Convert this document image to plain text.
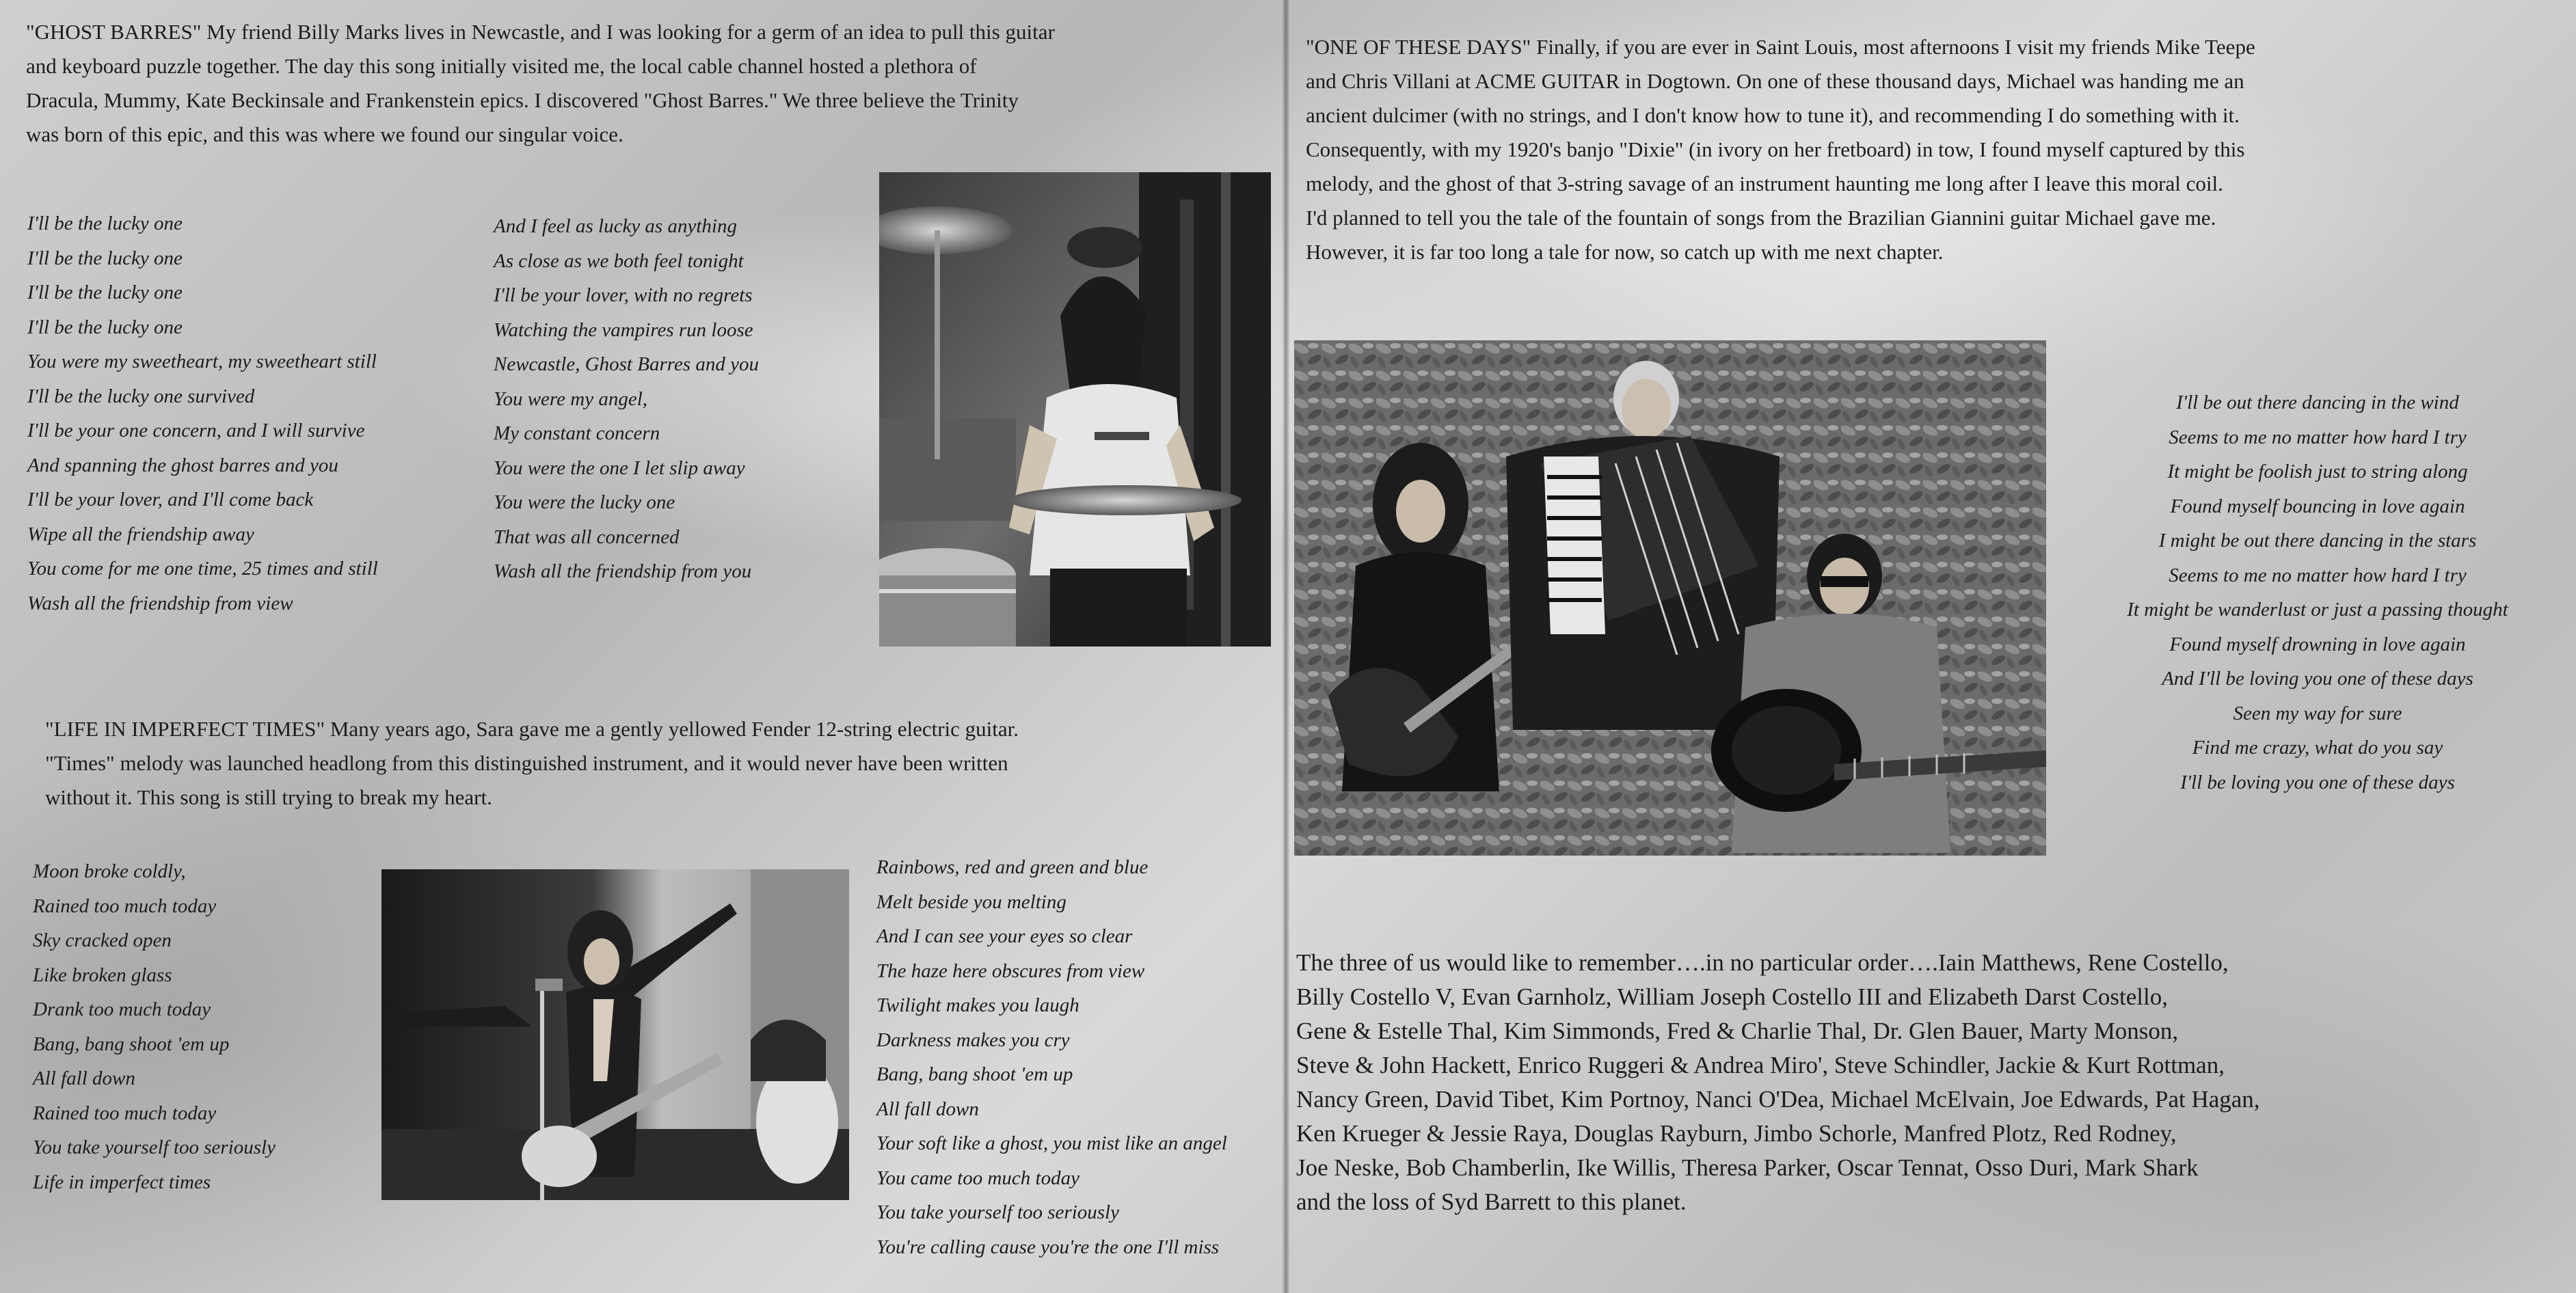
"GHOST BARRES" My friend Billy Marks lives in Newcastle, and I was looking for a germ of an idea to pull this guitar
and keyboard puzzle together. The day this song initially visited me, the local cable channel hosted a plethora of
Dracula, Mummy, Kate Beckinsale and Frankenstein epics. I discovered "Ghost Barres." We three believe the Trinity
was born of this epic, and this was where we found our singular voice.
I'll be the lucky one
I'll be the lucky one
I'll be the lucky one
I'll be the lucky one
You were my sweetheart, my sweetheart still
I'll be the lucky one survived
I'll be your one concern, and I will survive
And spanning the ghost barres and you
I'll be your lover, and I'll come back
Wipe all the friendship away
You come for me one time, 25 times and still
Wash all the friendship from view
And I feel as lucky as anything
As close as we both feel tonight
I'll be your lover, with no regrets
Watching the vampires run loose
Newcastle, Ghost Barres and you
You were my angel,
My constant concern
You were the one I let slip away
You were the lucky one
That was all concerned
Wash all the friendship from you
"LIFE IN IMPERFECT TIMES" Many years ago, Sara gave me a gently yellowed Fender 12-string electric guitar.
"Times" melody was launched headlong from this distinguished instrument, and it would never have been written
without it. This song is still trying to break my heart.
Moon broke coldly,
Rained too much today
Sky cracked open
Like broken glass
Drank too much today
Bang, bang shoot 'em up
All fall down
Rained too much today
You take yourself too seriously
Life in imperfect times
Rainbows, red and green and blue
Melt beside you melting
And I can see your eyes so clear
The haze here obscures from view
Twilight makes you laugh
Darkness makes you cry
Bang, bang shoot 'em up
All fall down
Your soft like a ghost, you mist like an angel
You came too much today
You take yourself too seriously
You're calling cause you're the one I'll miss
"ONE OF THESE DAYS" Finally, if you are ever in Saint Louis, most afternoons I visit my friends Mike Teepe
and Chris Villani at ACME GUITAR in Dogtown. On one of these thousand days, Michael was handing me an
ancient dulcimer (with no strings, and I don't know how to tune it), and recommending I do something with it.
Consequently, with my 1920's banjo "Dixie" (in ivory on her fretboard) in tow, I found myself captured by this
melody, and the ghost of that 3-string savage of an instrument haunting me long after I leave this moral coil.
I'd planned to tell you the tale of the fountain of songs from the Brazilian Giannini guitar Michael gave me.
However, it is far too long a tale for now, so catch up with me next chapter.
I'll be out there dancing in the wind
Seems to me no matter how hard I try
It might be foolish just to string along
Found myself bouncing in love again
I might be out there dancing in the stars
Seems to me no matter how hard I try
It might be wanderlust or just a passing thought
Found myself drowning in love again
And I'll be loving you one of these days
Seen my way for sure
Find me crazy, what do you say
I'll be loving you one of these days
The three of us would like to remember….in no particular order….Iain Matthews, Rene Costello,
Billy Costello V, Evan Garnholz, William Joseph Costello III and Elizabeth Darst Costello,
Gene & Estelle Thal, Kim Simmonds, Fred & Charlie Thal, Dr. Glen Bauer, Marty Monson,
Steve & John Hackett, Enrico Ruggeri & Andrea Miro', Steve Schindler, Jackie & Kurt Rottman,
Nancy Green, David Tibet, Kim Portnoy, Nanci O'Dea, Michael McElvain, Joe Edwards, Pat Hagan,
Ken Krueger & Jessie Raya, Douglas Rayburn, Jimbo Schorle, Manfred Plotz, Red Rodney,
Joe Neske, Bob Chamberlin, Ike Willis, Theresa Parker, Oscar Tennat, Osso Duri, Mark Shark
and the loss of Syd Barrett to this planet.
